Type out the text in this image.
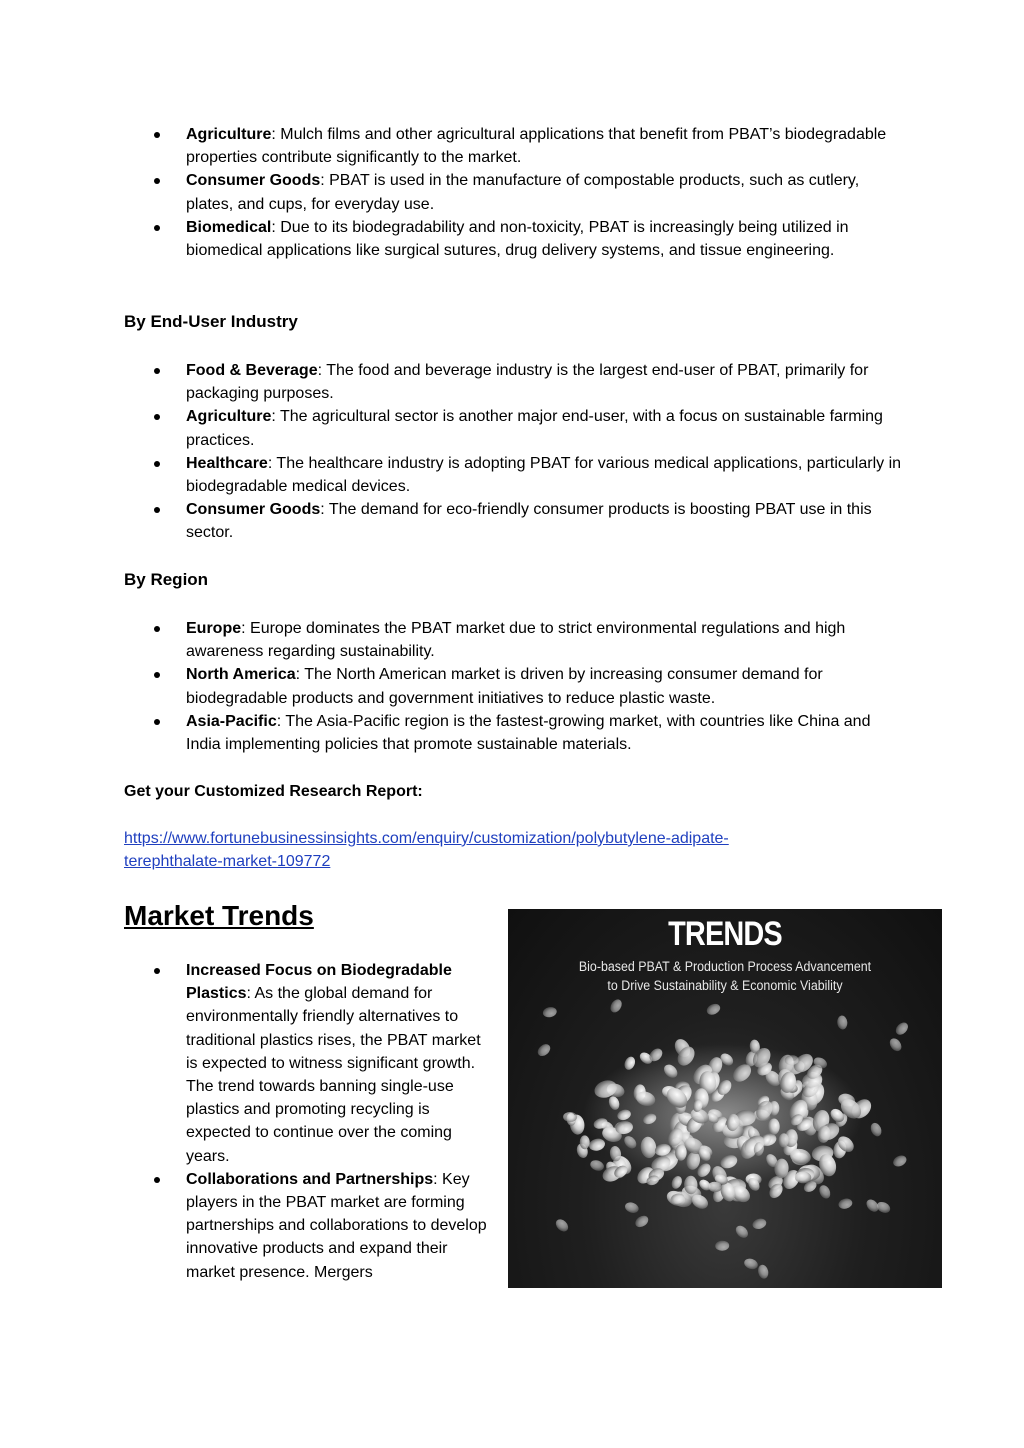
Agriculture: Mulch films and other agricultural applications that benefit from PBAT’s biodegradable properties contribute significantly to the market.
Consumer Goods: PBAT is used in the manufacture of compostable products, such as cutlery, plates, and cups, for everyday use.
Biomedical: Due to its biodegradability and non-toxicity, PBAT is increasingly being utilized in biomedical applications like surgical sutures, drug delivery systems, and tissue engineering.
By End-User Industry
Food & Beverage: The food and beverage industry is the largest end-user of PBAT, primarily for packaging purposes.
Agriculture: The agricultural sector is another major end-user, with a focus on sustainable farming practices.
Healthcare: The healthcare industry is adopting PBAT for various medical applications, particularly in biodegradable medical devices.
Consumer Goods: The demand for eco-friendly consumer products is boosting PBAT use in this sector.
By Region
Europe: Europe dominates the PBAT market due to strict environmental regulations and high awareness regarding sustainability.
North America: The North American market is driven by increasing consumer demand for biodegradable products and government initiatives to reduce plastic waste.
Asia-Pacific: The Asia-Pacific region is the fastest-growing market, with countries like China and India implementing policies that promote sustainable materials.
Get your Customized Research Report:
https://www.fortunebusinessinsights.com/enquiry/customization/polybutylene-adipate-
terephthalate-market-109772
Market Trends
Increased Focus on Biodegradable Plastics: As the global demand for environmentally friendly alternatives to traditional plastics rises, the PBAT market is expected to witness significant growth. The trend towards banning single-use plastics and promoting recycling is expected to continue over the coming years.
Collaborations and Partnerships: Key players in the PBAT market are forming partnerships and collaborations to develop innovative products and expand their market presence. Mergers
TRENDS
Bio-based PBAT & Production Process Advancement
to Drive Sustainability & Economic Viability
